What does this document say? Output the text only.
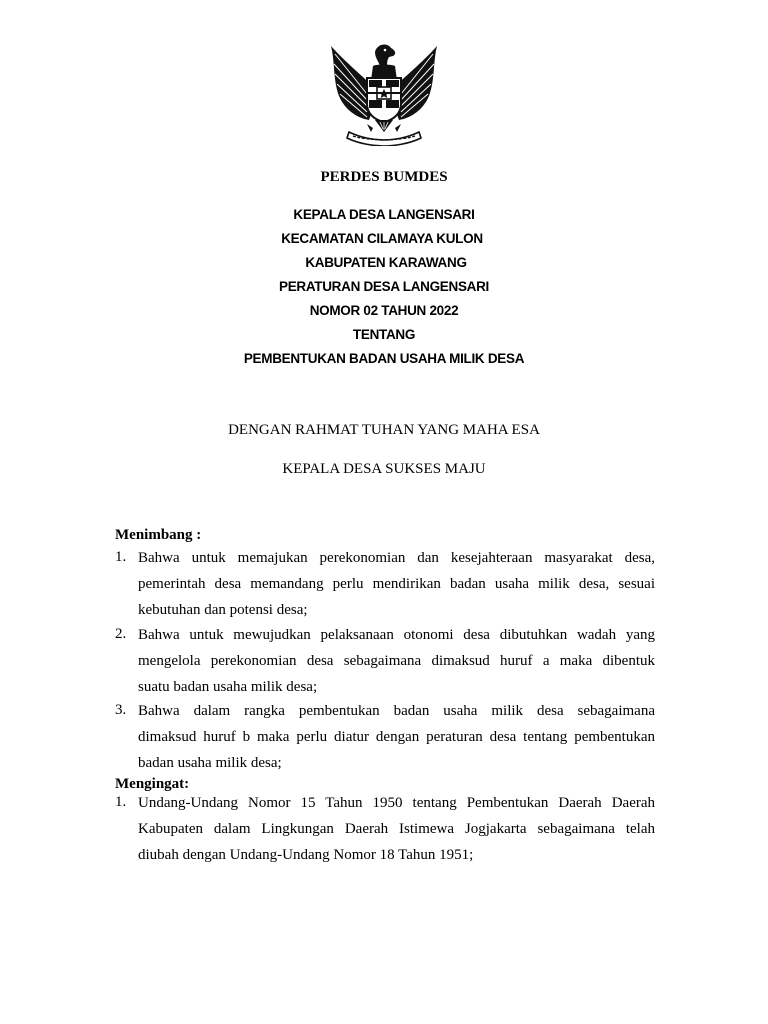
PERDES BUMDES
KEPALA DESA LANGENSARI
KECAMATAN CILAMAYA KULON
KABUPATEN KARAWANG
PERATURAN DESA LANGENSARI
NOMOR 02 TAHUN 2022
TENTANG
PEMBENTUKAN BADAN USAHA MILIK DESA
DENGAN RAHMAT TUHAN YANG MAHA ESA
KEPALA DESA SUKSES MAJU
Menimbang :
1. Bahwa untuk memajukan perekonomian dan kesejahteraan masyarakat desa,
pemerintah desa memandang perlu mendirikan badan usaha milik desa, sesuai
kebutuhan dan potensi desa;
2. Bahwa untuk mewujudkan pelaksanaan otonomi desa dibutuhkan wadah yang
mengelola perekonomian desa sebagaimana dimaksud huruf a maka dibentuk
suatu badan usaha milik desa;
3. Bahwa dalam rangka pembentukan badan usaha milik desa sebagaimana
dimaksud huruf b maka perlu diatur dengan peraturan desa tentang pembentukan
badan usaha milik desa;
Mengingat:
1. Undang-Undang Nomor 15 Tahun 1950 tentang Pembentukan Daerah Daerah
Kabupaten dalam Lingkungan Daerah Istimewa Jogjakarta sebagaimana telah
diubah dengan Undang-Undang Nomor 18 Tahun 1951;
